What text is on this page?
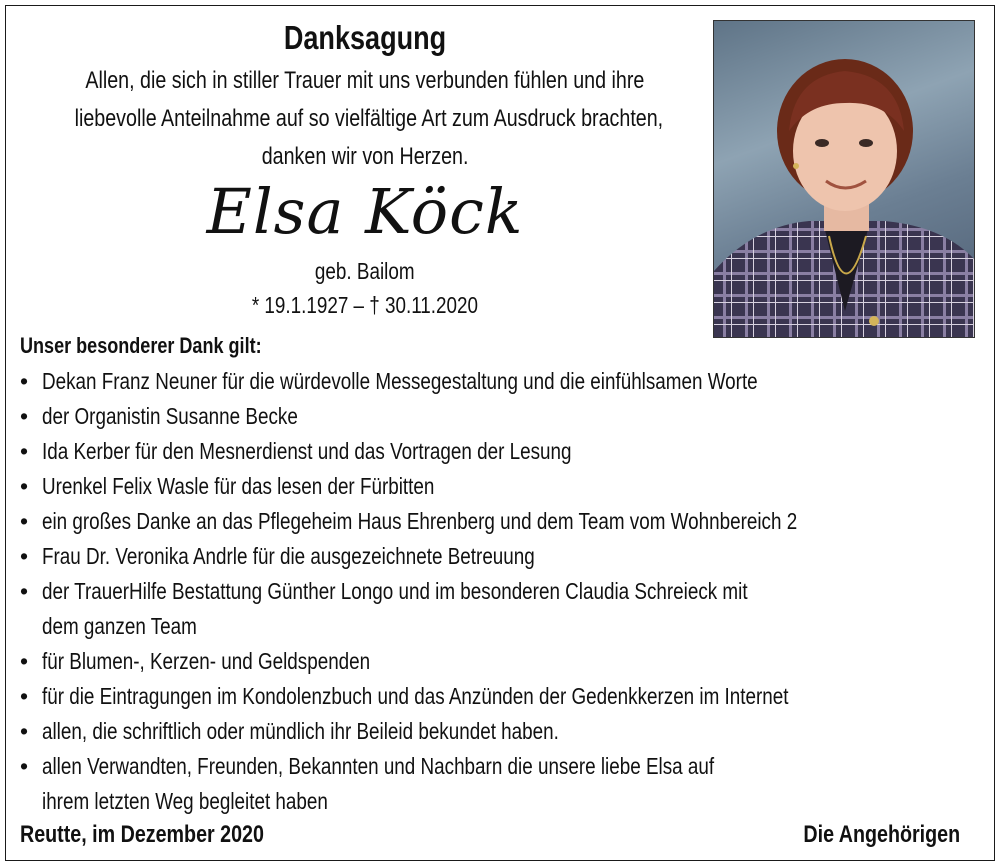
Danksagung
Allen, die sich in stiller Trauer mit uns verbunden fühlen und ihre
liebevolle Anteilnahme auf so vielfältige Art zum Ausdruck brachten,
danken wir von Herzen.
Elsa Köck
geb. Bailom
* 19.1.1927 – † 30.11.2020
Unser besonderer Dank gilt:
• Dekan Franz Neuner für die würdevolle Messegestaltung und die einfühlsamen Worte
• der Organistin Susanne Becke
• Ida Kerber für den Mesnerdienst und das Vortragen der Lesung
• Urenkel Felix Wasle für das lesen der Fürbitten
• ein großes Danke an das Pflegeheim Haus Ehrenberg und dem Team vom Wohnbereich 2
• Frau Dr. Veronika Andrle für die ausgezeichnete Betreuung
• der TrauerHilfe Bestattung Günther Longo und im besonderen Claudia Schreieck mit
dem ganzen Team
• für Blumen-, Kerzen- und Geldspenden
• für die Eintragungen im Kondolenzbuch und das Anzünden der Gedenkkerzen im Internet
• allen, die schriftlich oder mündlich ihr Beileid bekundet haben.
• allen Verwandten, Freunden, Bekannten und Nachbarn die unsere liebe Elsa auf
ihrem letzten Weg begleitet haben
Reutte, im Dezember 2020	Die Angehörigen
